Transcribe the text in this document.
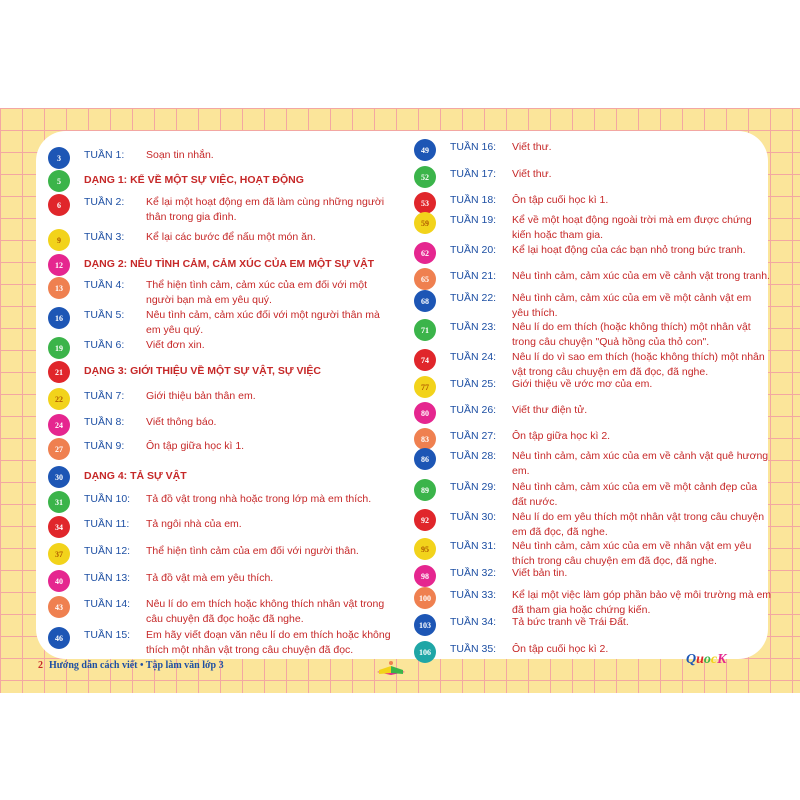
3	TUẦN 1:	Soạn tin nhắn.
5	DẠNG 1: KỂ VỀ MỘT SỰ VIỆC, HOẠT ĐỘNG
6	TUẦN 2:	Kể lại một hoạt động em đã làm cùng những người
thân trong gia đình.
9	TUẦN 3:	Kể lại các bước để nấu một món ăn.
12	DẠNG 2: NÊU TÌNH CẢM, CẢM XÚC CỦA EM MỘT SỰ VẬT
13	TUẦN 4:	Thể hiện tình cảm, cảm xúc của em đối với một
người bạn mà em yêu quý.
16	TUẦN 5:	Nêu tình cảm, cảm xúc đối với một người thân mà
em yêu quý.
19	TUẦN 6:	Viết đơn xin.
21	DẠNG 3: GIỚI THIỆU VỀ MỘT SỰ VẬT, SỰ VIỆC
22	TUẦN 7:	Giới thiệu bản thân em.
24	TUẦN 8:	Viết thông báo.
27	TUẦN 9:	Ôn tập giữa học kì 1.
30	DẠNG 4: TẢ SỰ VẬT
31	TUẦN 10:	Tả đồ vật trong nhà hoặc trong lớp mà em thích.
34	TUẦN 11:	Tả ngôi nhà của em.
37	TUẦN 12:	Thể hiện tình cảm của em đối với người thân.
40	TUẦN 13:	Tả đồ vật mà em yêu thích.
43	TUẦN 14:	Nêu lí do em thích hoặc không thích nhân vật trong
câu chuyện đã đọc hoặc đã nghe.
46	TUẦN 15:	Em hãy viết đoạn văn nêu lí do em thích hoặc không
thích một nhân vật trong câu chuyện đã đọc.
49	TUẦN 16:	Viết thư.
52	TUẦN 17:	Viết thư.
53	TUẦN 18:	Ôn tập cuối học kì 1.
59	TUẦN 19:	Kể về một hoạt động ngoài trời mà em được chứng
kiến hoặc tham gia.
62	TUẦN 20:	Kể lại hoạt động của các bạn nhỏ trong bức tranh.
65	TUẦN 21:	Nêu tình cảm, cảm xúc của em về cảnh vật trong tranh.
68	TUẦN 22:	Nêu tình cảm, cảm xúc của em về một cảnh vật em
yêu thích.
71	TUẦN 23:	Nêu lí do em thích (hoặc không thích) một nhân vật
trong câu chuyện "Quả hồng của thỏ con".
74	TUẦN 24:	Nêu lí do vì sao em thích (hoặc không thích) một nhân
vật trong câu chuyện em đã đọc, đã nghe.
77	TUẦN 25:	Giới thiệu về ước mơ của em.
80	TUẦN 26:	Viết thư điện tử.
83	TUẦN 27:	Ôn tập giữa học kì 2.
86	TUẦN 28:	Nêu tình cảm, cảm xúc của em về cảnh vật quê hương
em.
89	TUẦN 29:	Nêu tình cảm, cảm xúc của em về một cảnh đẹp của
đất nước.
92	TUẦN 30:	Nêu lí do em yêu thích một nhân vật trong câu chuyện
em đã đọc, đã nghe.
95	TUẦN 31:	Nêu tình cảm, cảm xúc của em về nhân vật em yêu
thích trong câu chuyện em đã đọc, đã nghe.
98	TUẦN 32:	Viết bản tin.
100	TUẦN 33:	Kể lại một việc làm góp phần bảo vệ môi trường mà em
đã tham gia hoặc chứng kiến.
103	TUẦN 34:	Tả bức tranh về Trái Đất.
106	TUẦN 35:	Ôn tập cuối học kì 2.
2 Hướng dẫn cách viết • Tập làm văn lớp 3	QuocK
